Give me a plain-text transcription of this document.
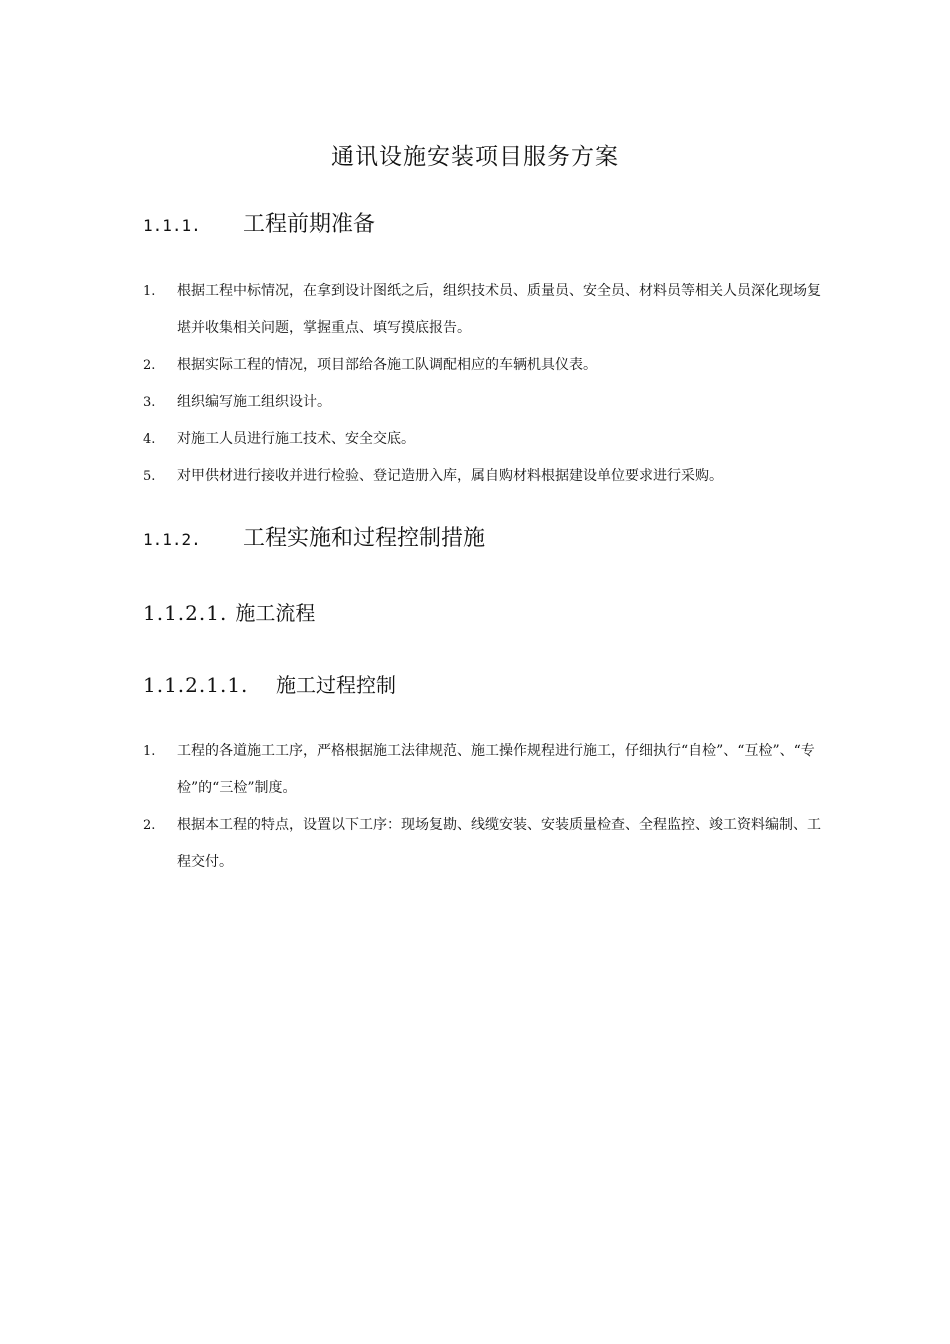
通讯设施安装项目服务方案
1.1.1. 工程前期准备
1. 根据工程中标情况，在拿到设计图纸之后，组织技术员、质量员、安全员、材料员等相关人员深化现场复堪并收集相关问题，掌握重点、填写摸底报告。
2. 根据实际工程的情况，项目部给各施工队调配相应的车辆机具仪表。
3. 组织编写施工组织设计。
4. 对施工人员进行施工技术、安全交底。
5. 对甲供材进行接收并进行检验、登记造册入库，属自购材料根据建设单位要求进行采购。
1.1.2. 工程实施和过程控制措施
1.1.2.1. 施工流程
1.1.2.1.1. 施工过程控制
1. 工程的各道施工工序，严格根据施工法律规范、施工操作规程进行施工，仔细执行“自检”、“互检”、“专检”的“三检”制度。
2. 根据本工程的特点，设置以下工序：现场复勘、线缆安装、安装质量检查、全程监控、竣工资料编制、工程交付。
